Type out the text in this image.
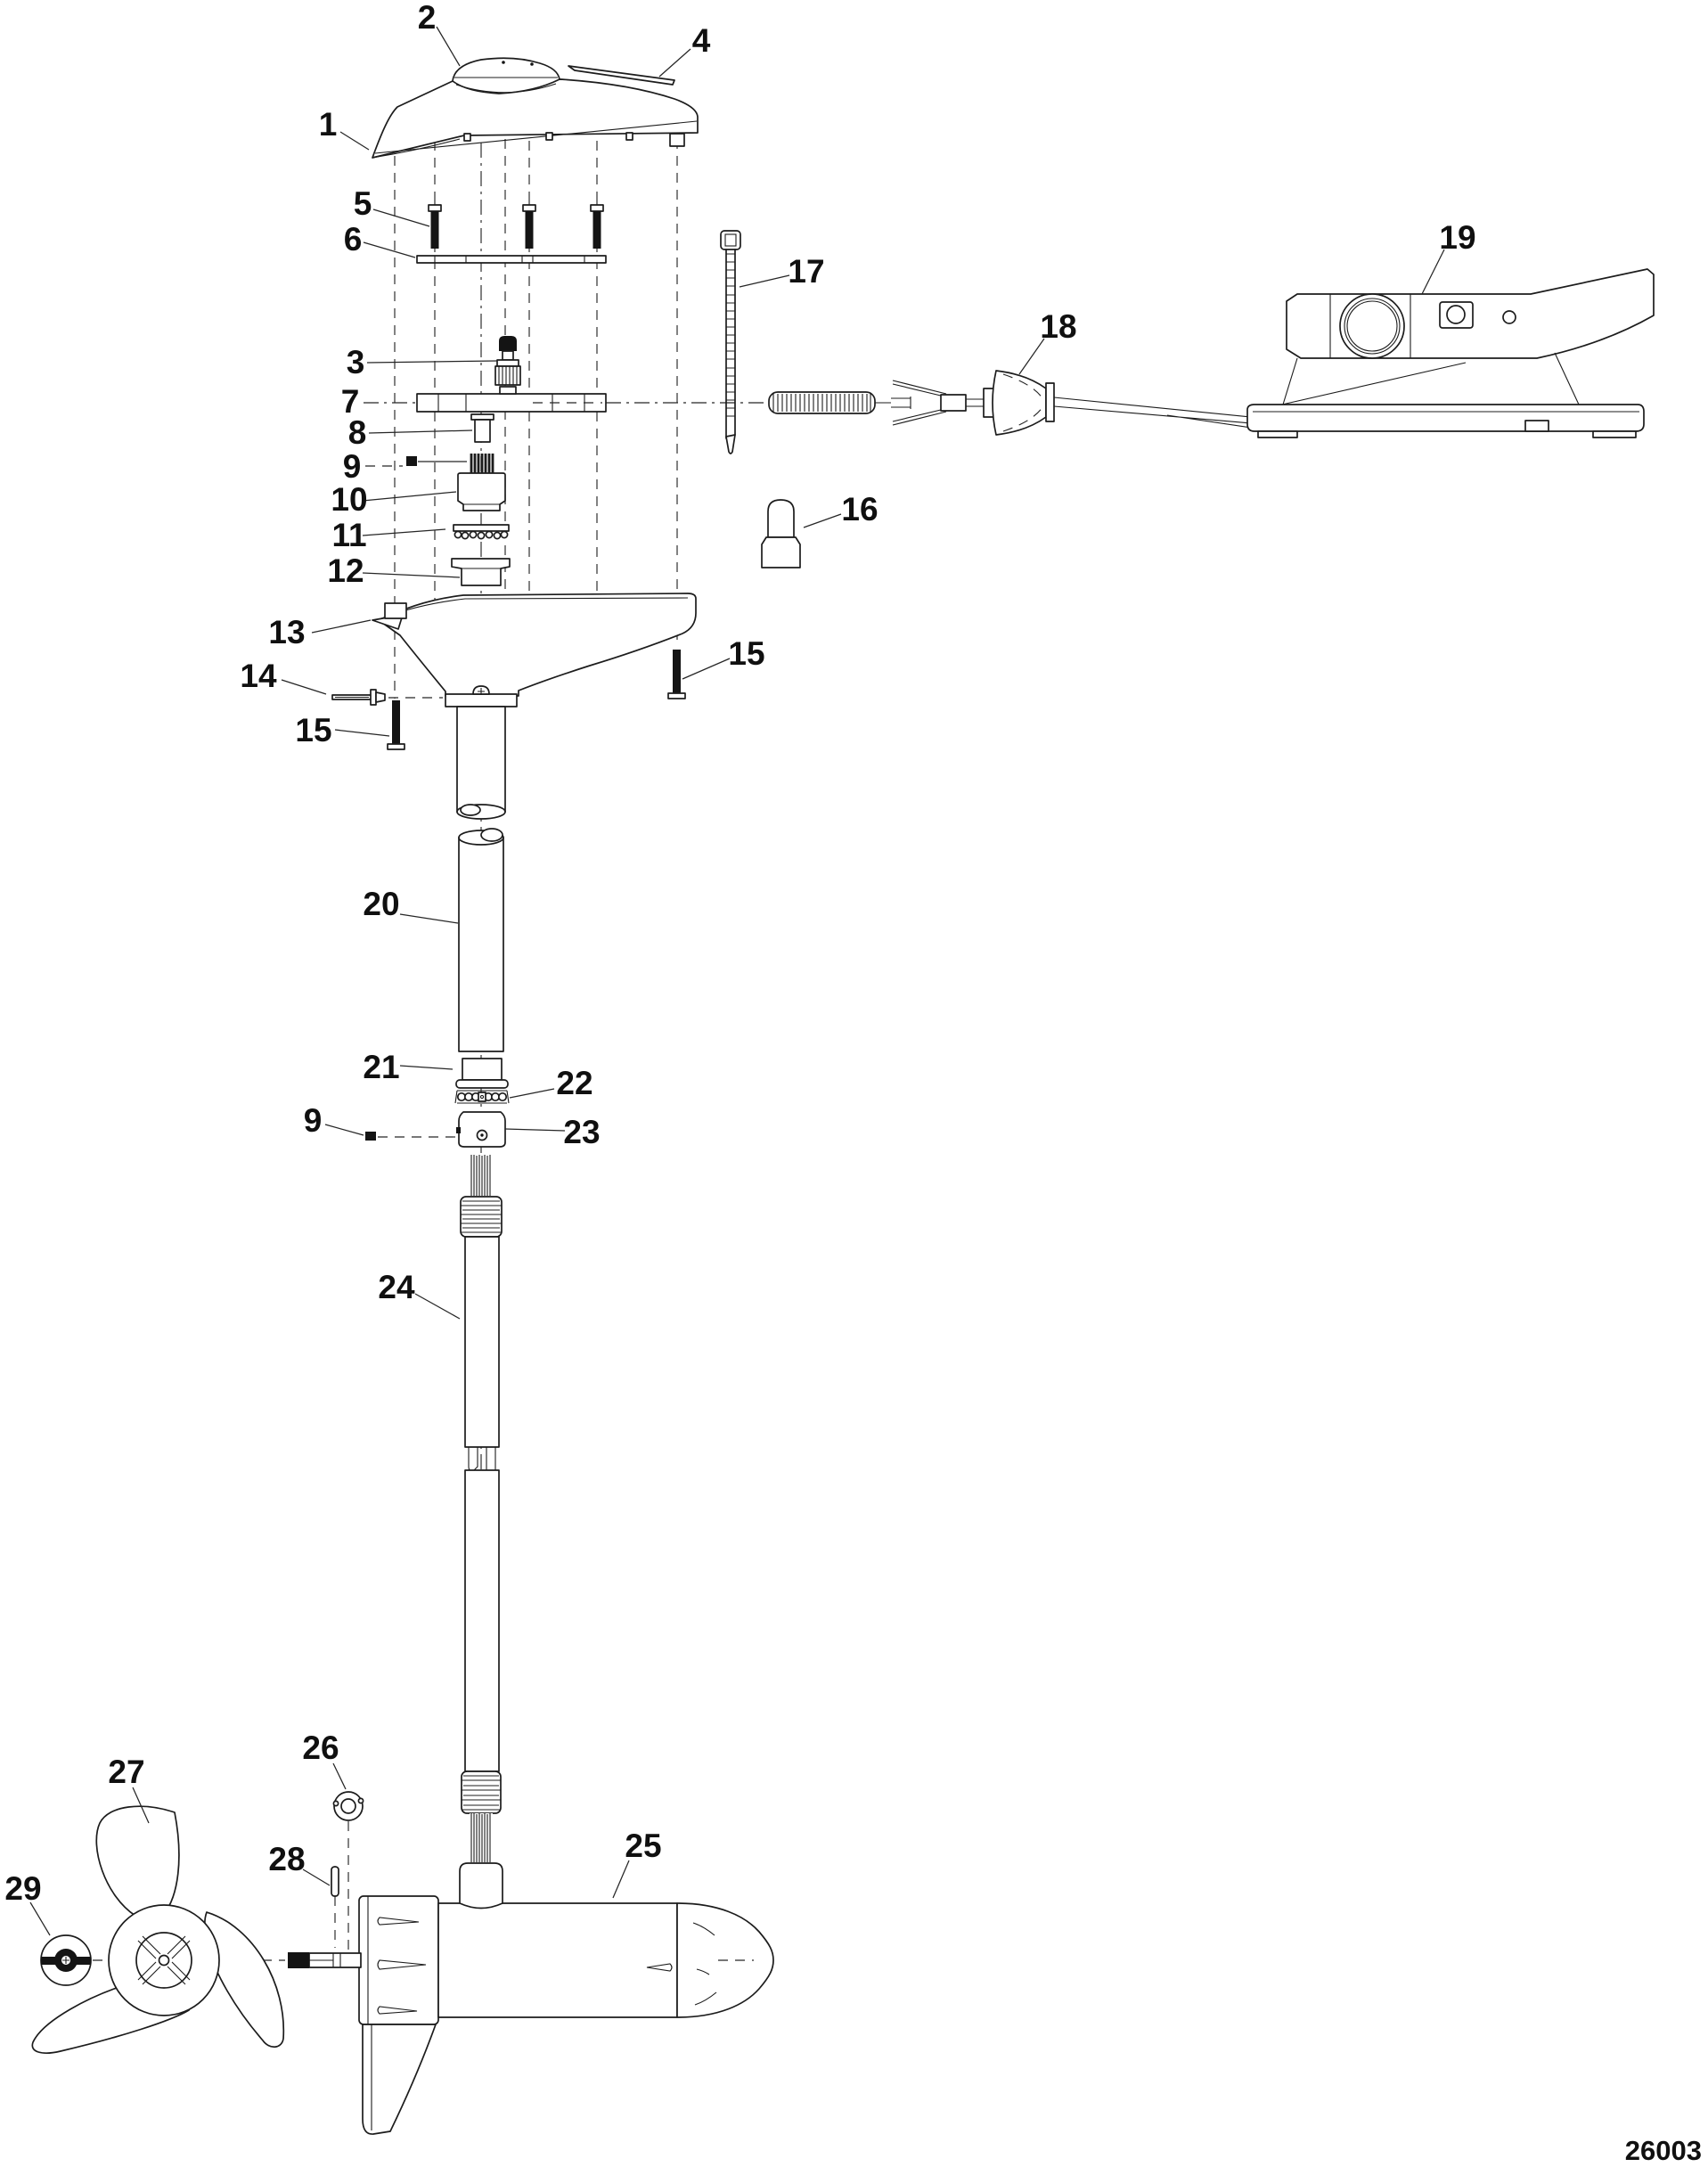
1
2
4
5
6
3
7
8
9
10
11
12
13
14
15
15
16
17
18
19
20
21	22
9	23
24
26
27
25
28
29
26003
